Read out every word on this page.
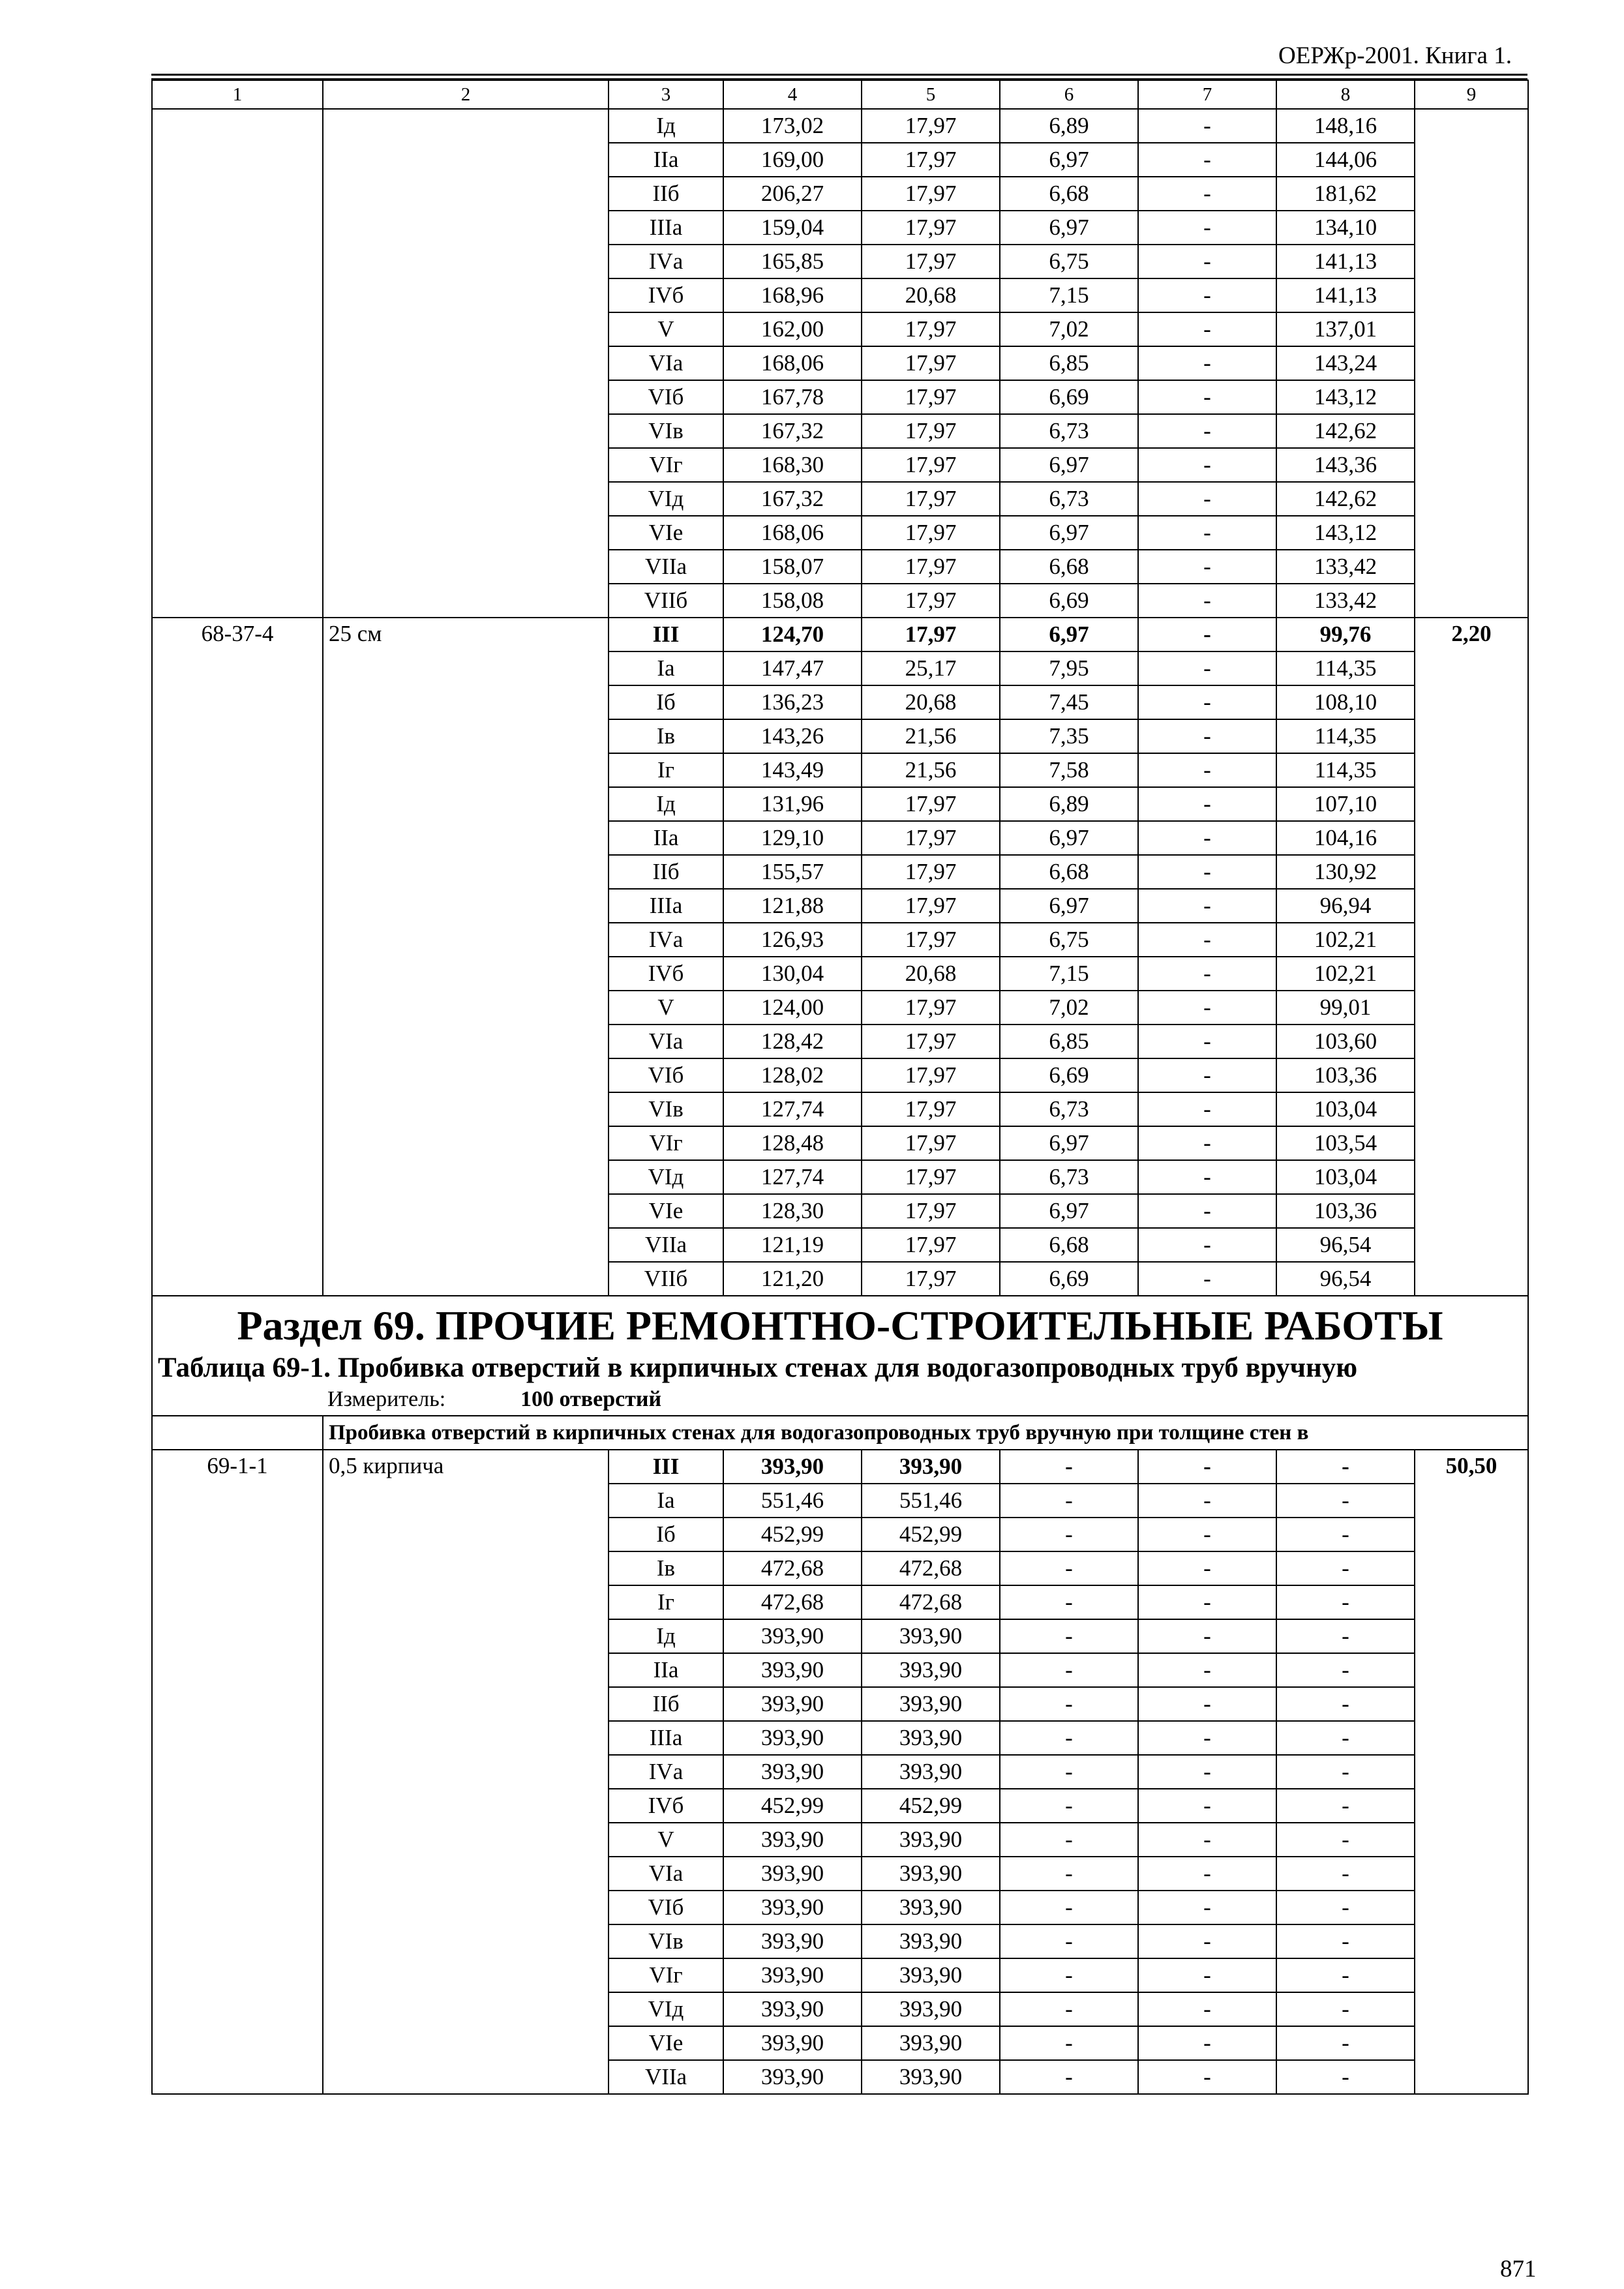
ОЕРЖр-2001. Книга 1.
1	2	3	4	5	6	7	8	9
		Iд	173,02	17,97	6,89	-	148,16	
		IIа	169,00	17,97	6,97	-	144,06	
		IIб	206,27	17,97	6,68	-	181,62	
		IIIа	159,04	17,97	6,97	-	134,10	
		IVа	165,85	17,97	6,75	-	141,13	
		IVб	168,96	20,68	7,15	-	141,13	
		V	162,00	17,97	7,02	-	137,01	
		VIа	168,06	17,97	6,85	-	143,24	
		VIб	167,78	17,97	6,69	-	143,12	
		VIв	167,32	17,97	6,73	-	142,62	
		VIг	168,30	17,97	6,97	-	143,36	
		VIд	167,32	17,97	6,73	-	142,62	
		VIе	168,06	17,97	6,97	-	143,12	
		VIIа	158,07	17,97	6,68	-	133,42	
		VIIб	158,08	17,97	6,69	-	133,42	
68-37-4	25 см	III	124,70	17,97	6,97	-	99,76	2,20
		Iа	147,47	25,17	7,95	-	114,35	
		Iб	136,23	20,68	7,45	-	108,10	
		Iв	143,26	21,56	7,35	-	114,35	
		Iг	143,49	21,56	7,58	-	114,35	
		Iд	131,96	17,97	6,89	-	107,10	
		IIа	129,10	17,97	6,97	-	104,16	
		IIб	155,57	17,97	6,68	-	130,92	
		IIIа	121,88	17,97	6,97	-	96,94	
		IVа	126,93	17,97	6,75	-	102,21	
		IVб	130,04	20,68	7,15	-	102,21	
		V	124,00	17,97	7,02	-	99,01	
		VIа	128,42	17,97	6,85	-	103,60	
		VIб	128,02	17,97	6,69	-	103,36	
		VIв	127,74	17,97	6,73	-	103,04	
		VIг	128,48	17,97	6,97	-	103,54	
		VIд	127,74	17,97	6,73	-	103,04	
		VIе	128,30	17,97	6,97	-	103,36	
		VIIа	121,19	17,97	6,68	-	96,54	
		VIIб	121,20	17,97	6,69	-	96,54	

Раздел 69. ПРОЧИЕ РЕМОНТНО-СТРОИТЕЛЬНЫЕ РАБОТЫ
Таблица 69-1. Пробивка отверстий в кирпичных стенах для водогазопроводных труб вручную
Измеритель: 100 отверстий								

	Пробивка отверстий в кирпичных стенах для водогазопроводных труб вручную при толщине стен в							
69-1-1	0,5 кирпича	III	393,90	393,90	-	-	-	50,50
		Iа	551,46	551,46	-	-	-	
		Iб	452,99	452,99	-	-	-	
		Iв	472,68	472,68	-	-	-	
		Iг	472,68	472,68	-	-	-	
		Iд	393,90	393,90	-	-	-	
		IIа	393,90	393,90	-	-	-	
		IIб	393,90	393,90	-	-	-	
		IIIа	393,90	393,90	-	-	-	
		IVа	393,90	393,90	-	-	-	
		IVб	452,99	452,99	-	-	-	
		V	393,90	393,90	-	-	-	
		VIа	393,90	393,90	-	-	-	
		VIб	393,90	393,90	-	-	-	
		VIв	393,90	393,90	-	-	-	
		VIг	393,90	393,90	-	-	-	
		VIд	393,90	393,90	-	-	-	
		VIе	393,90	393,90	-	-	-	
		VIIа	393,90	393,90	-	-	-	
871
